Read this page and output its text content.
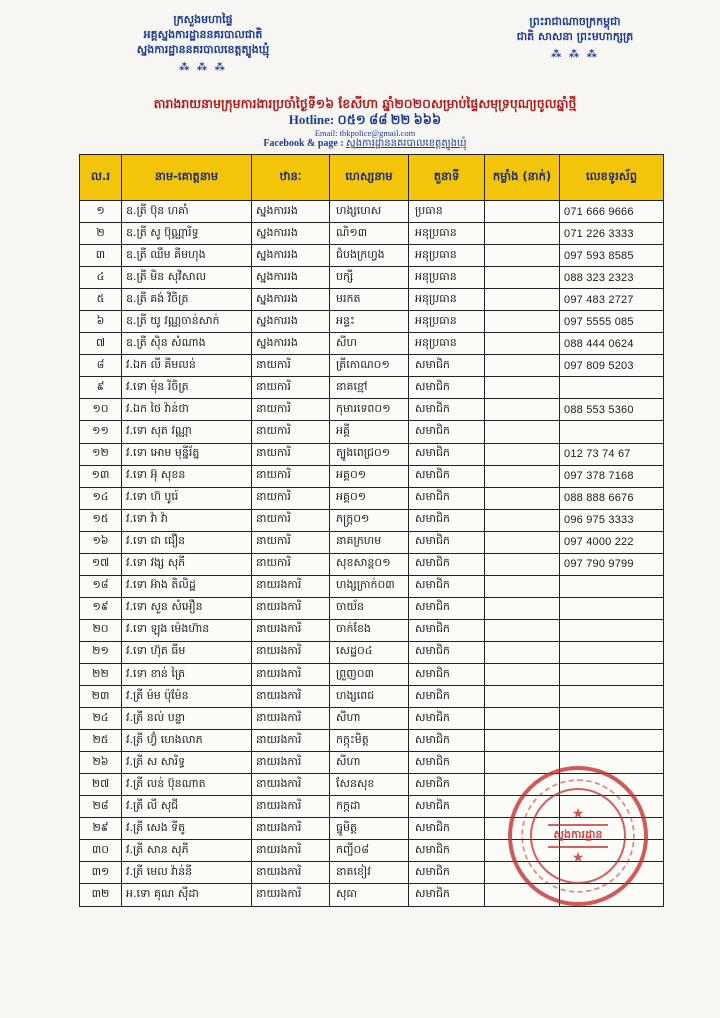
ក្រសួងមហាផ្ទៃ
អគ្គស្នងការដ្ឋាននគរបាលជាតិ
ស្នងការដ្ឋាននគរបាលខេត្តត្បូងឃ្មុំ
⁂ ⁂ ⁂
ព្រះរាជាណាចក្រកម្ពុជា
ជាតិ សាសនា ព្រះមហាក្សត្រ
⁂ ⁂ ⁂
តារាងរាយនាមក្រុមការងារប្រចាំថ្ងៃទី១៦ ខែសីហា ឆ្នាំ២០២០សម្រាប់ផ្ទៃសមុទ្របុណ្យចូលឆ្នាំថ្មី
Hotline: ០៥១ ៨៨ ២២ ៦៦៦
Email: tbkpolice@gmail.com
Facebook & page : ស្នងការដ្ឋាននគរបាលខេត្តត្បូងឃ្មុំ
ល.រ	នាម-គោត្តនាម	ឋានៈ	ហេស្សនាម	តួនាទី	កម្លាំង (នាក់)	លេខទូរស័ព្ទ
១	ឧ.ត្រី ប៊ុន ហគាំ	ស្នងការរង	ហង្សហេស	ប្រធាន		071 666 9666
២	ឧ.ត្រី សូ ប៊ុណ្ណារិទ្ធ	ស្នងការរង	ណិ១៣	អនុប្រធាន		071 226 3333
៣	ឧ.ត្រី ឈឹម គីមហុង	ស្នងការរង	ជំបងក្រហ្វង	អនុប្រធាន		097 593 8585
៤	ឧ.ត្រី មិន សុវិសាល	ស្នងការរង	បក្សី	អនុប្រធាន		088 323 2323
៥	ឧ.ត្រី គង់ វិចិត្រ	ស្នងការរង	មរកត	អនុប្រធាន		097 483 2727
៦	ឧ.ត្រី យូ វណ្ណចាន់សាក់	ស្នងការរង	អន្ទះ	អនុប្រធាន		097 5555 085
៧	ឧ.ត្រី ស៊ិន សំណាង	ស្នងការរង	សីហ	អនុប្រធាន		088 444 0624
៨	វ.ឯក លី គីមលន់	នាយការិ	ត្រីកោណ០១	សមាជិក		097 809 5203
៩	វ.ទោ ម៉ុន រិចិត្រ	នាយការិ	នាគខ្មៅ	សមាជិក		
១០	វ.ឯក ថៃ វ៉ាន់ថា	នាយការិ	កុមារទេព០១	សមាជិក		088 553 5360
១១	វ.ទោ សុត វណ្ណា	នាយការិ	អគ្គី	សមាជិក		
១២	វ.ទោ អោម មុន្នីរ័ត្ន	នាយការិ	ត្បូងពេជ្រ០១	សមាជិក		012 73 74 67
១៣	វ.ទោ អ៊ុ សុខន	នាយការិ	អគ្គ០១	សមាជិក		097 378 7168
១៤	វ.ទោ ហ៊ បូរ៉េ	នាយការិ	អគ្គ០១	សមាជិក		088 888 6676
១៥	វ.ទោ វ៉ា វ៉ា	នាយការិ	ភក្ត្រ០១	សមាជិក		096 975 3333
១៦	វ.ទោ ជា ជឿន	នាយការិ	នាគក្រហម	សមាជិក		097 4000 222
១៧	វ.ទោ វង្ស សុភី	នាយការិ	សុខសាន្ត០១	សមាជិក		097 790 9799
១៨	វ.ទោ អ៊ាង តិលិដ្ឋ	នាយរងការិ	ហង្សក្រាក់០៣	សមាជិក		
១៩	វ.ទោ សួន សំអឿន	នាយរងការិ	ចាយ័ន	សមាជិក		
២០	វ.ទោ ឡុង ម៉េងហ៊ាន	នាយរងការិ	ចាក់ខែង	សមាជិក		
២១	វ.ទោ ហ៊ុត ធីម	នាយរងការិ	សេដ្ឋ០៤	សមាជិក		
២២	វ.ទោ ខាន់ ត្រៃ	នាយរងការិ	ព្រួញ០៣	សមាជិក		
២៣	វ.ត្រី ម៉ម ប៉ុម៉ែន	នាយរងការិ	ហង្សពេជ	សមាជិក		
២៤	វ.ត្រី នល់ បន្ទា	នាយរងការិ	សីហា	សមាជិក		
២៥	វ.ត្រី ហ្វ៊ំ ហេងលាភ	នាយរងការិ	កក្កុះមិត្ត	សមាជិក		
២៦	វ.ត្រី ស សារិទ្ធ	នាយរងការិ	សីហា	សមាជិក		
២៧	វ.ត្រី លន់ ប៊ុនណាត	នាយរងការិ	សែនសុខ	សមាជិក		
២៨	វ.ត្រី លី សុជី	នាយរងការិ	កក្កដា	សមាជិក		
២៩	វ.ត្រី សេង ទីតូ	នាយរងការិ	ធ្នូមិត្ត	សមាជិក		
៣០	វ.ត្រី សាន សុភី	នាយរងការិ	កញ្ជី០៨	សមាជិក		
៣១	វ.ត្រី មេល វ៉ាន់នី	នាយរងការិ	នាគខៀវ	សមាជិក		
៣២	អ.ទោ គុណ ស៊ីដា	នាយរងការិ	សុធា	សមាជិក		
★
ស្នងការដ្ឋាន
★
